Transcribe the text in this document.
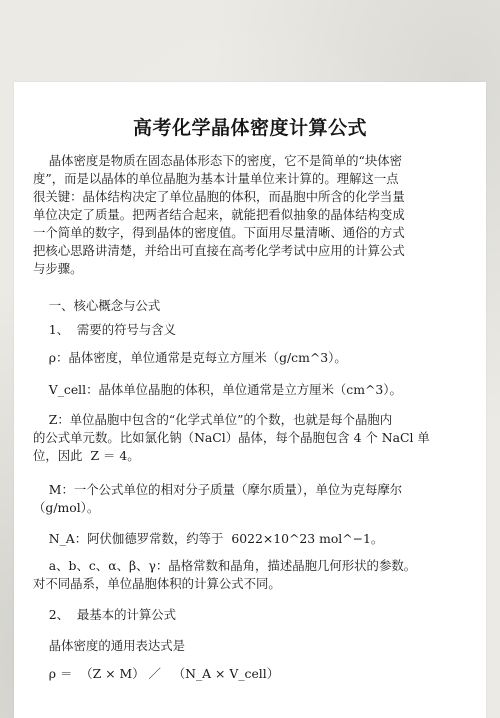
高考化学晶体密度计算公式

晶体密度是物质在固态晶体形态下的密度，它不是简单的“块体密
度”，而是以晶体的单位晶胞为基本计量单位来计算的。理解这一点
很关键：晶体结构决定了单位晶胞的体积，而晶胞中所含的化学当量
单位决定了质量。把两者结合起来，就能把看似抽象的晶体结构变成
一个简单的数字，得到晶体的密度值。下面用尽量清晰、通俗的方式
把核心思路讲清楚，并给出可直接在高考化学考试中应用的计算公式
与步骤。

一、核心概念与公式

1、  需要的符号与含义

ρ：晶体密度，单位通常是克每立方厘米（g/cm^3）。

V_cell：晶体单位晶胞的体积，单位通常是立方厘米（cm^3）。

Z：单位晶胞中包含的“化学式单位”的个数，也就是每个晶胞内
的公式单元数。比如氯化钠（NaCl）晶体，每个晶胞包含 4 个 NaCl 单
位，因此  Z ＝ 4。

M：一个公式单位的相对分子质量（摩尔质量），单位为克每摩尔
（g/mol）。

N_A：阿伏伽德罗常数，约等于  6022×10^23 mol^−1。

a、b、c、α、β、γ：晶格常数和晶角，描述晶胞几何形状的参数。
对不同晶系，单位晶胞体积的计算公式不同。

2、  最基本的计算公式

晶体密度的通用表达式是

ρ ＝  （Z × M） ／   （N_A × V_cell）
